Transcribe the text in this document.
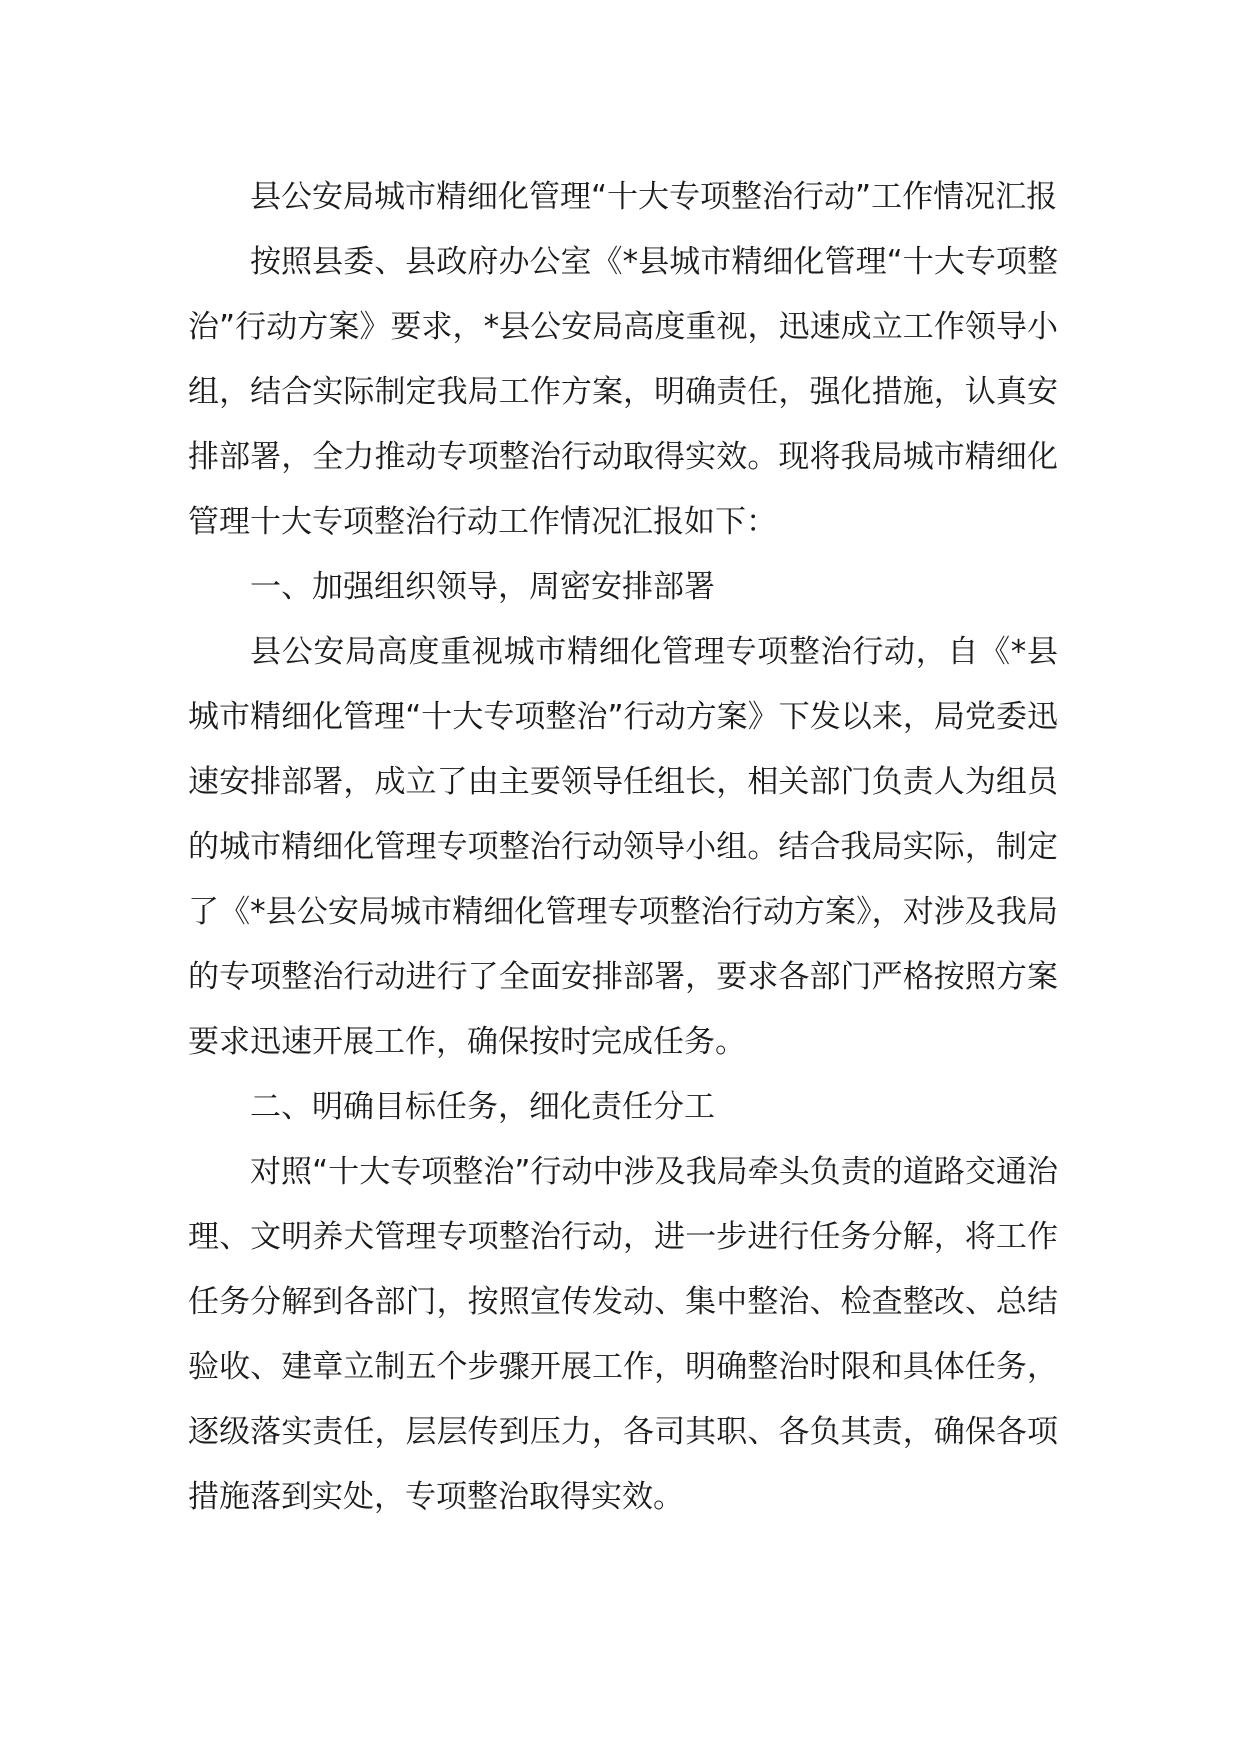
县公安局城市精细化管理“十大专项整治行动”工作情况汇报

按照县委、县政府办公室《*县城市精细化管理“十大专项整治”行动方案》要求，*县公安局高度重视，迅速成立工作领导小组，结合实际制定我局工作方案，明确责任，强化措施，认真安排部署，全力推动专项整治行动取得实效。现将我局城市精细化管理十大专项整治行动工作情况汇报如下：

一、加强组织领导，周密安排部署

县公安局高度重视城市精细化管理专项整治行动，自《*县城市精细化管理“十大专项整治”行动方案》下发以来，局党委迅速安排部署，成立了由主要领导任组长，相关部门负责人为组员的城市精细化管理专项整治行动领导小组。结合我局实际，制定了《*县公安局城市精细化管理专项整治行动方案》，对涉及我局的专项整治行动进行了全面安排部署，要求各部门严格按照方案要求迅速开展工作，确保按时完成任务。

二、明确目标任务，细化责任分工

对照“十大专项整治”行动中涉及我局牵头负责的道路交通治理、文明养犬管理专项整治行动，进一步进行任务分解，将工作任务分解到各部门，按照宣传发动、集中整治、检查整改、总结验收、建章立制五个步骤开展工作，明确整治时限和具体任务，逐级落实责任，层层传到压力，各司其职、各负其责，确保各项措施落到实处，专项整治取得实效。
